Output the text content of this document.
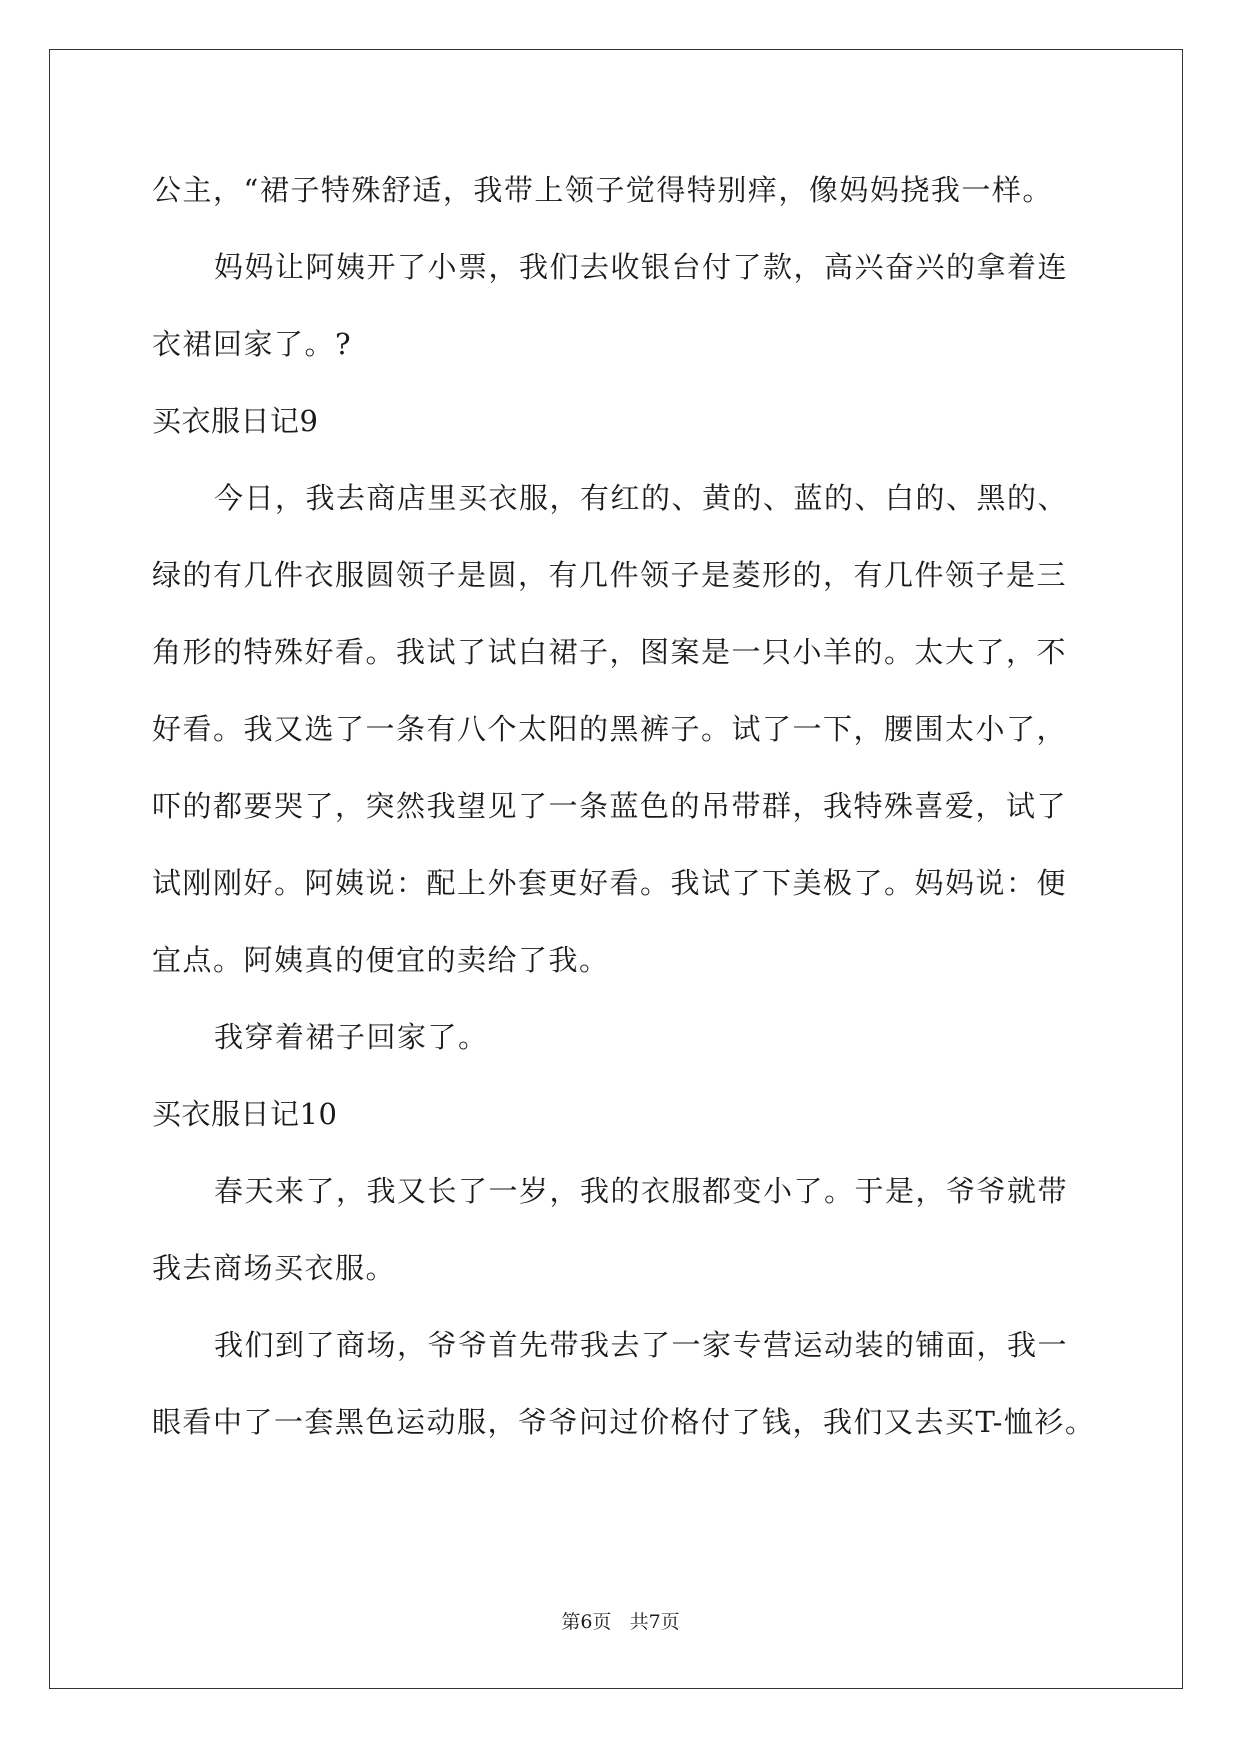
公主，“裙子特殊舒适，我带上领子觉得特别痒，像妈妈挠我一样。

妈妈让阿姨开了小票，我们去收银台付了款，高兴奋兴的拿着连

衣裙回家了。?

买衣服日记9

今日，我去商店里买衣服，有红的、黄的、蓝的、白的、黑的、

绿的有几件衣服圆领子是圆，有几件领子是菱形的，有几件领子是三

角形的特殊好看。我试了试白裙子，图案是一只小羊的。太大了，不

好看。我又选了一条有八个太阳的黑裤子。试了一下，腰围太小了，

吓的都要哭了，突然我望见了一条蓝色的吊带群，我特殊喜爱，试了

试刚刚好。阿姨说：配上外套更好看。我试了下美极了。妈妈说：便

宜点。阿姨真的便宜的卖给了我。

我穿着裙子回家了。

买衣服日记10

春天来了，我又长了一岁，我的衣服都变小了。于是，爷爷就带

我去商场买衣服。

我们到了商场，爷爷首先带我去了一家专营运动装的铺面，我一

眼看中了一套黑色运动服，爷爷问过价格付了钱，我们又去买T-恤衫。

第6页 共7页
